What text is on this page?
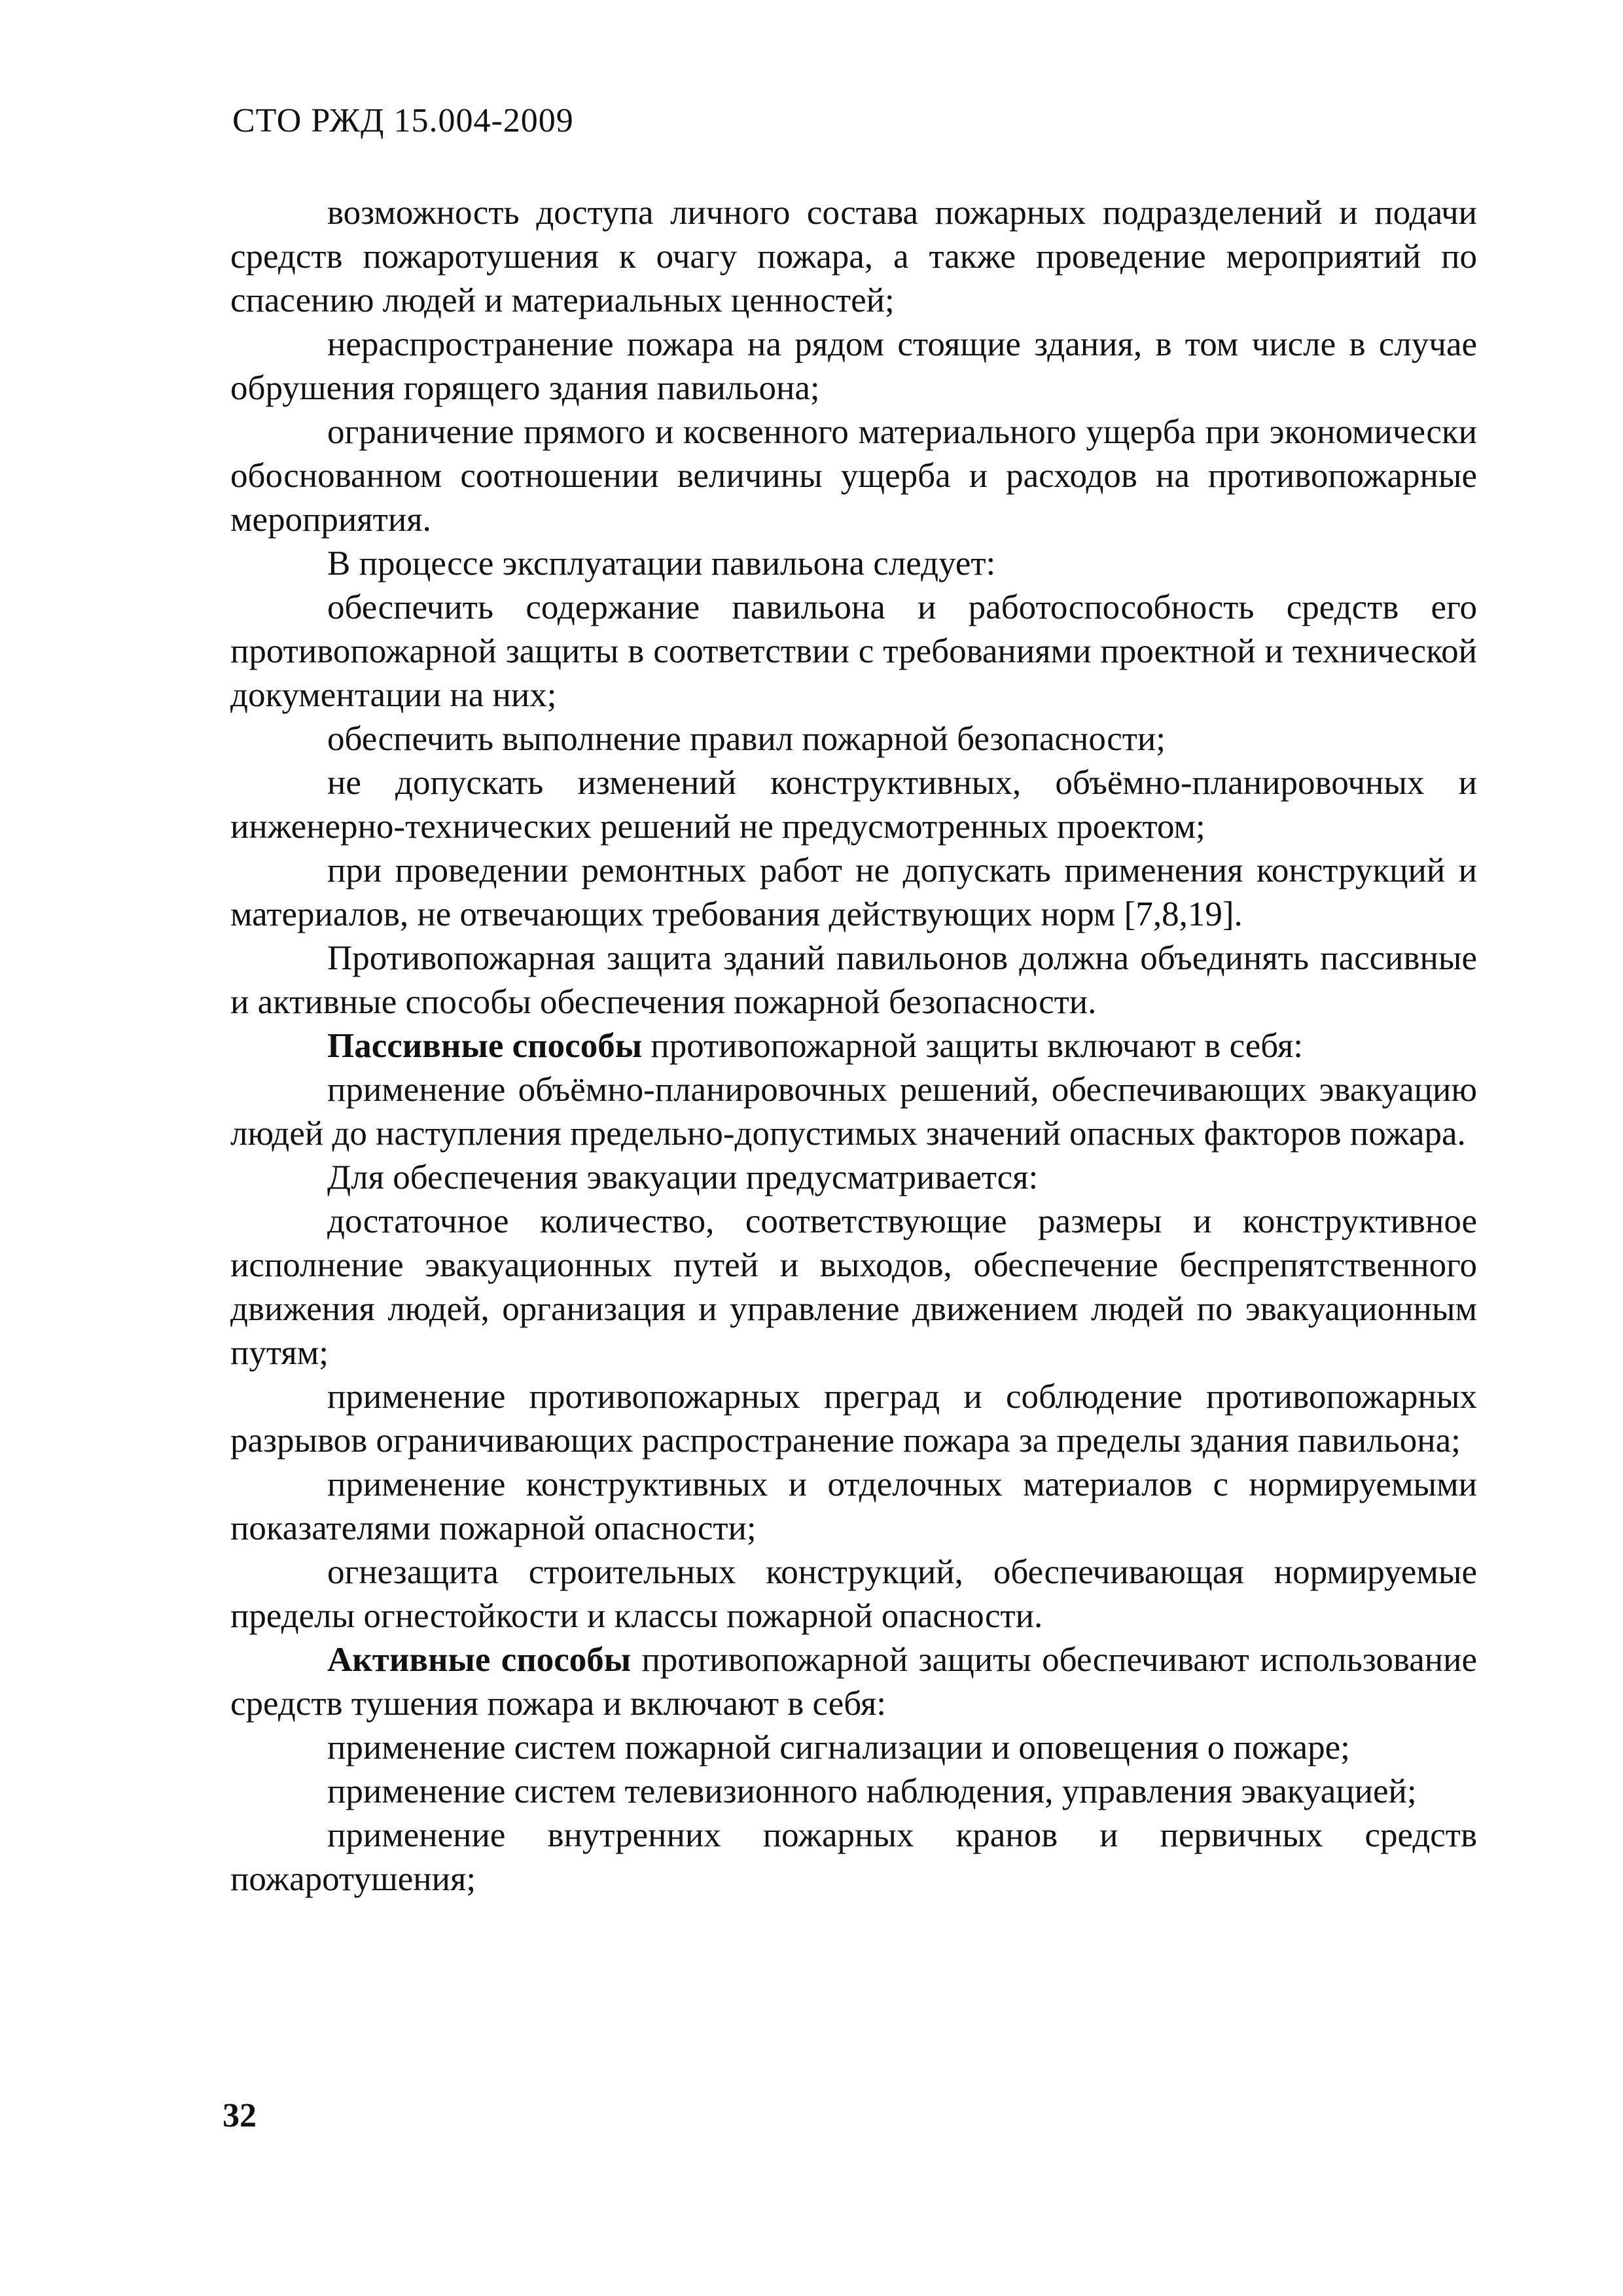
СТО РЖД 15.004-2009

возможность доступа личного состава пожарных подразделений и подачи средств пожаротушения к очагу пожара, а также проведение мероприятий по спасению людей и материальных ценностей;

нераспространение пожара на рядом стоящие здания, в том числе в случае обрушения горящего здания павильона;

ограничение прямого и косвенного материального ущерба при экономически обоснованном соотношении величины ущерба и расходов на противопожарные мероприятия.

В процессе эксплуатации павильона следует:

обеспечить содержание павильона и работоспособность средств его противопожарной защиты в соответствии с требованиями проектной и технической документации на них;

обеспечить выполнение правил пожарной безопасности;

не допускать изменений конструктивных, объёмно-планировочных и инженерно-технических решений не предусмотренных проектом;

при проведении ремонтных работ не допускать применения конструкций и материалов, не отвечающих требования действующих норм [7,8,19].

Противопожарная защита зданий павильонов должна объединять пассивные и активные способы обеспечения пожарной безопасности.

Пассивные способы противопожарной защиты включают в себя:

применение объёмно-планировочных решений, обеспечивающих эвакуацию людей до наступления предельно-допустимых значений опасных факторов пожара.

Для обеспечения эвакуации предусматривается:

достаточное количество, соответствующие размеры и конструктивное исполнение эвакуационных путей и выходов, обеспечение беспрепятственного движения людей, организация и управление движением людей по эвакуационным путям;

применение противопожарных преград и соблюдение противопожарных разрывов ограничивающих распространение пожара за пределы здания павильона;

применение конструктивных и отделочных материалов с нормируемыми показателями пожарной опасности;

огнезащита строительных конструкций, обеспечивающая нормируемые пределы огнестойкости и классы пожарной опасности.

Активные способы противопожарной защиты обеспечивают использование средств тушения пожара и включают в себя:

применение систем пожарной сигнализации и оповещения о пожаре;

применение систем телевизионного наблюдения, управления эвакуацией;

применение внутренних пожарных кранов и первичных средств пожаротушения;

32
